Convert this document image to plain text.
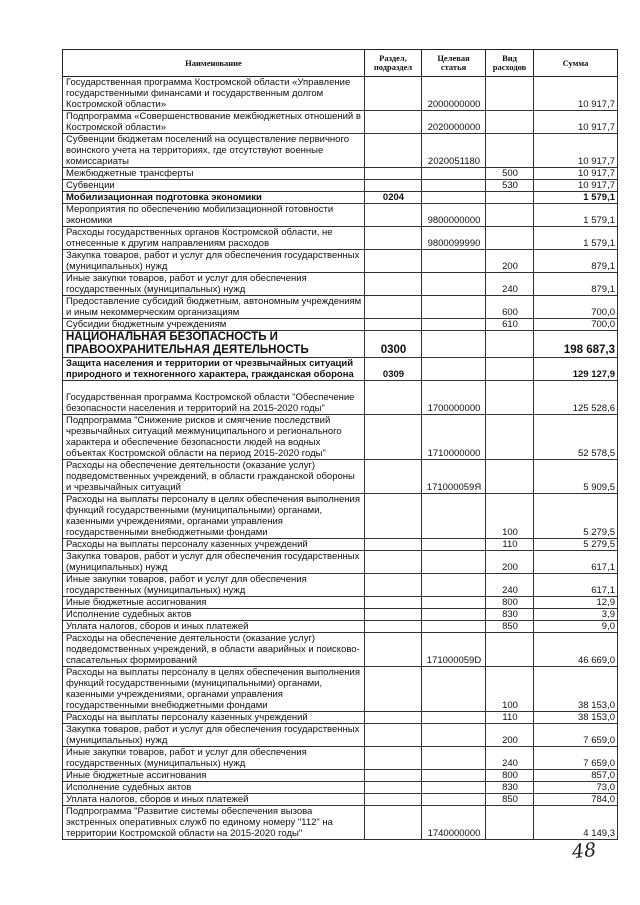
Наименование	Раздел, подраздел	Целевая статья	Вид расходов	Сумма
Государственная программа Костромской области «Управление государственными финансами и государственным долгом Костромской области»		2000000000		10 917,7
Подпрограмма «Совершенствование межбюджетных отношений в Костромской области»		2020000000		10 917,7
Субвенции бюджетам поселений на осуществление первичного воинского учета на территориях, где отсутствуют военные комиссариаты		2020051180		10 917,7
Межбюджетные трансферты			500	10 917,7
Субвенции			530	10 917,7
Мобилизационная подготовка экономики	0204			1 579,1
Мероприятия по обеспечению мобилизационной готовности экономики		9800000000		1 579,1
Расходы государственных органов Костромской области, не отнесенные к другим направлениям расходов		9800099990		1 579,1
Закупка товаров, работ и услуг для обеспечения государственных (муниципальных) нужд			200	879,1
Иные закупки товаров, работ и услуг для обеспечения государственных (муниципальных) нужд			240	879,1
Предоставление субсидий бюджетным, автономным учреждениям и иным некоммерческим организациям			600	700,0
Субсидии бюджетным учреждениям			610	700,0
НАЦИОНАЛЬНАЯ БЕЗОПАСНОСТЬ И ПРАВООХРАНИТЕЛЬНАЯ ДЕЯТЕЛЬНОСТЬ	0300			198 687,3
Защита населения и территории от чрезвычайных ситуаций природного и техногенного характера, гражданская оборона	0309			129 127,9
Государственная программа Костромской области "Обеспечение безопасности населения и территорий на 2015-2020 годы"		1700000000		125 528,6
Подпрограмма "Снижение рисков и смягчение последствий чрезвычайных ситуаций межмуниципального и регионального характера и обеспечение безопасности людей на водных объектах Костромской области на период 2015-2020 годы"		1710000000		52 578,5
Расходы на обеспечение деятельности (оказание услуг) подведомственных учреждений, в области гражданской обороны и чрезвычайных ситуаций		171000059Я		5 909,5
Расходы на выплаты персоналу в целях обеспечения выполнения функций государственными (муниципальными) органами, казенными учреждениями, органами управления государственными внебюджетными фондами			100	5 279,5
Расходы на выплаты персоналу казенных учреждений			110	5 279,5
Закупка товаров, работ и услуг для обеспечения государственных (муниципальных) нужд			200	617,1
Иные закупки товаров, работ и услуг для обеспечения государственных (муниципальных) нужд			240	617,1
Иные бюджетные ассигнования			800	12,9
Исполнение судебных актов			830	3,9
Уплата налогов, сборов и иных платежей			850	9,0
Расходы на обеспечение деятельности (оказание услуг) подведомственных учреждений, в области аварийных и поисково-спасательных формирований		171000059D		46 669,0
Расходы на выплаты персоналу в целях обеспечения выполнения функций государственными (муниципальными) органами, казенными учреждениями, органами управления государственными внебюджетными фондами			100	38 153,0
Расходы на выплаты персоналу казенных учреждений			110	38 153,0
Закупка товаров, работ и услуг для обеспечения государственных (муниципальных) нужд			200	7 659,0
Иные закупки товаров, работ и услуг для обеспечения государственных (муниципальных) нужд			240	7 659,0
Иные бюджетные ассигнования			800	857,0
Исполнение судебных актов			830	73,0
Уплата налогов, сборов и иных платежей			850	784,0
Подпрограмма "Развитие системы обеспечения вызова экстренных оперативных служб по единому номеру "112" на территории Костромской области на 2015-2020 годы"		1740000000		4 149,3
48
